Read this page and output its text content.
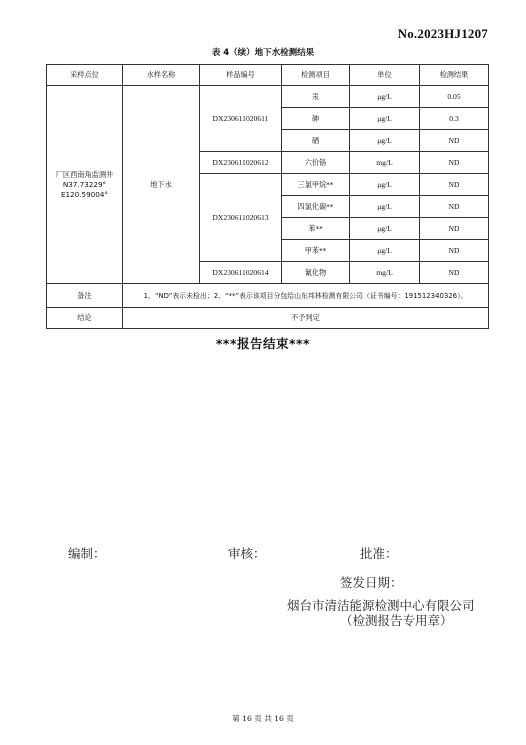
No.2023HJ1207
表 4（续）地下水检测结果
采样点位	水样名称	样品编号	检测项目	单位	检测结果

厂区西南角监测井
N37.73229°
E120.59004°	地下水	DX230611020611	汞	μg/L	0.05
			砷	μg/L	0.3
			硒	μg/L	ND
		DX230611020612	六价铬	mg/L	ND
		DX230611020613	三氯甲烷**	μg/L	ND
			四氯化碳**	μg/L	ND
			苯**	μg/L	ND
			甲苯**	μg/L	ND
		DX230611020614	氰化物	mg/L	ND
备注	1、“ND”表示未检出；2、“**”表示该项目分包给山东邦林检测有限公司（证书编号：191512340326）。				
结论	不予判定				
***报告结束***
编制：	审核：	批准：
签发日期：
烟台市清洁能源检测中心有限公司
（检测报告专用章）
第 16 页 共 16 页
